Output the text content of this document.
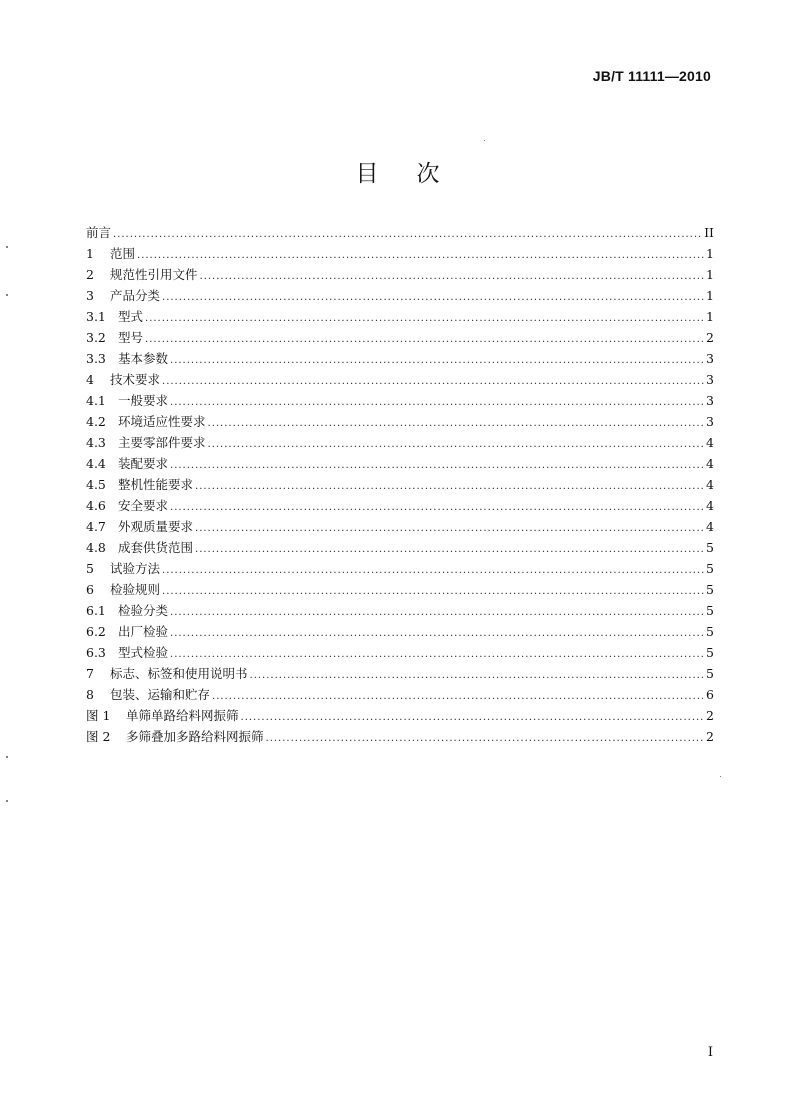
JB/T 11111—2010
目次
前言 .....	II
1	范围 .....	1
2	规范性引用文件 .....	1
3	产品分类 .....	1
3.1 型式 .....	1
3.2 型号 .....	2
3.3 基本参数 .....	3
4	技术要求 .....	3
4.1 一般要求 .....	3
4.2 环境适应性要求 .....	3
4.3 主要零部件要求 .....	4
4.4 装配要求 .....	4
4.5 整机性能要求 .....	4
4.6 安全要求 .....	4
4.7 外观质量要求 .....	4
4.8 成套供货范围 .....	5
5	试验方法 .....	5
6	检验规则 .....	5
6.1 检验分类 .....	5
6.2 出厂检验 .....	5
6.3 型式检验 .....	5
7	标志、标签和使用说明书 .....	5
8	包装、运输和贮存 .....	6
图 1	单筛单路给料网振筛 .....	2
图 2	多筛叠加多路给料网振筛 .....	2
I
